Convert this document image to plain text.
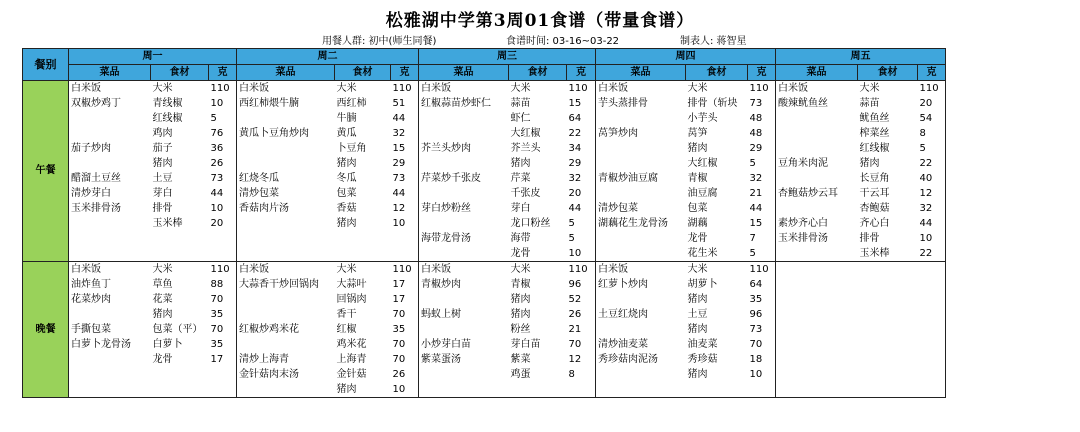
松雅湖中学第3周01食谱（带量食谱）
用餐人群: 初中(师生同餐)	食谱时间: 03-16~03-22	制表人: 蒋智星
餐别	周一			周二			周三			周四			周五		
	菜品	食材	克	菜品	食材	克	菜品	食材	克	菜品	食材	克	菜品	食材	克
午餐	白米饭	大米	110	白米饭	大米	110	白米饭	大米	110	白米饭	大米	110	白米饭	大米	110
	双椒炒鸡丁	青线椒	10	西红柿煨牛腩	西红柿	51	红椒蒜苗炒虾仁	蒜苗	15	芋头蒸排骨	排骨（斩块	73	酸辣鱿鱼丝	蒜苗	20
		红线椒	5		牛腩	44		虾仁	64		小芋头	48		鱿鱼丝	54
		鸡肉	76	黄瓜卜豆角炒肉	黄瓜	32		大红椒	22	莴笋炒肉	莴笋	48		榨菜丝	8
	茄子炒肉	茄子	36		卜豆角	15	芥兰头炒肉	芥兰头	34		猪肉	29		红线椒	5
		猪肉	26		猪肉	29		猪肉	29		大红椒	5	豆角米肉泥	猪肉	22
	醋溜土豆丝	土豆	73	红烧冬瓜	冬瓜	73	芹菜炒千张皮	芹菜	32	青椒炒油豆腐	青椒	32		长豆角	40
	清炒芽白	芽白	44	清炒包菜	包菜	44		千张皮	20		油豆腐	21	杏鲍菇炒云耳	干云耳	12
	玉米排骨汤	排骨	10	香菇肉片汤	香菇	12	芽白炒粉丝	芽白	44	清炒包菜	包菜	44		杏鲍菇	32
		玉米棒	20		猪肉	10		龙口粉丝	5	湖藕花生龙骨汤	湖藕	15	素炒齐心白	齐心白	44
							海带龙骨汤	海带	5		龙骨	7	玉米排骨汤	排骨	10
								龙骨	10		花生米	5		玉米棒	22
晚餐	白米饭	大米	110	白米饭	大米	110	白米饭	大米	110	白米饭	大米	110			
	油炸鱼丁	草鱼	88	大蒜香干炒回锅肉	大蒜叶	17	青椒炒肉	青椒	96	红萝卜炒肉	胡萝卜	64			
	花菜炒肉	花菜	70		回锅肉	17		猪肉	52		猪肉	35			
		猪肉	35		香干	70	蚂蚁上树	猪肉	26	土豆红烧肉	土豆	96			
	手撕包菜	包菜（平）	70	红椒炒鸡米花	红椒	35		粉丝	21		猪肉	73			
	白萝卜龙骨汤	白萝卜	35		鸡米花	70	小炒芽白苗	芽白苗	70	清炒油麦菜	油麦菜	70			
		龙骨	17	清炒上海青	上海青	70	紫菜蛋汤	紫菜	12	秀珍菇肉泥汤	秀珍菇	18			
				金针菇肉末汤	金针菇	26		鸡蛋	8		猪肉	10			
					猪肉	10									
